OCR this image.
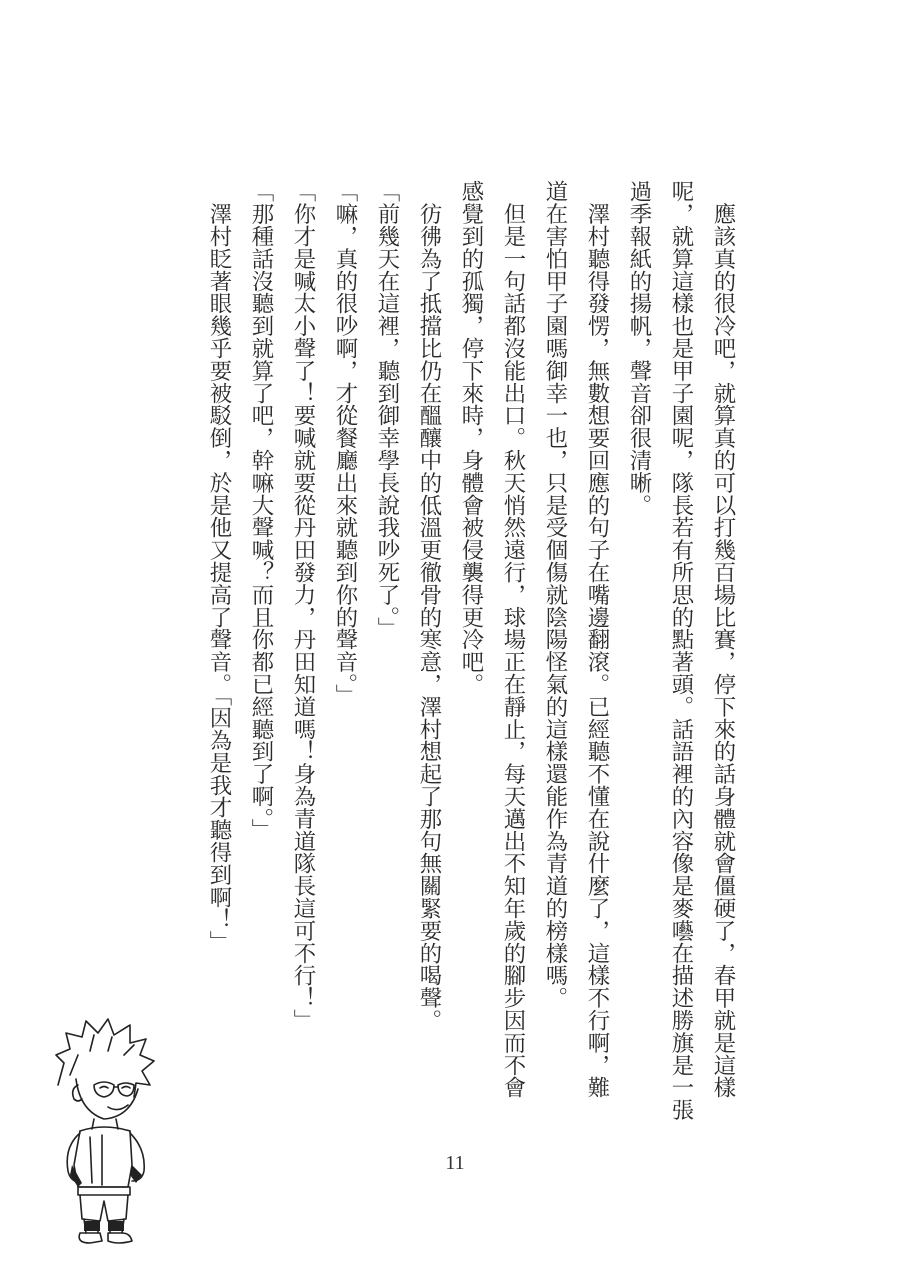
　應該真的很冷吧，就算真的可以打幾百場比賽，停下來的話身體就會僵硬了，春甲就是這樣
呢，就算這樣也是甲子園呢，隊長若有所思的點著頭。話語裡的內容像是麥囈在描述勝旗是一張
過季報紙的揚帆，聲音卻很清晰。
　澤村聽得發愣，無數想要回應的句子在嘴邊翻滾。已經聽不懂在說什麼了，這樣不行啊，難
道在害怕甲子園嗎御幸一也，只是受個傷就陰陽怪氣的這樣還能作為青道的榜樣嗎。
　但是一句話都沒能出口。秋天悄然遠行，球場正在靜止，每天邁出不知年歲的腳步因而不會
感覺到的孤獨，停下來時，身體會被侵襲得更冷吧。
　彷彿為了抵擋比仍在醞釀中的低溫更徹骨的寒意，澤村想起了那句無關緊要的喝聲。
「前幾天在這裡，聽到御幸學長說我吵死了。」
「嘛，真的很吵啊，才從餐廳出來就聽到你的聲音。」
「你才是喊太小聲了！要喊就要從丹田發力，丹田知道嗎！身為青道隊長這可不行！」
「那種話沒聽到就算了吧，幹嘛大聲喊？而且你都已經聽到了啊。」
　澤村眨著眼幾乎要被駁倒，於是他又提高了聲音。「因為是我才聽得到啊！」
11
